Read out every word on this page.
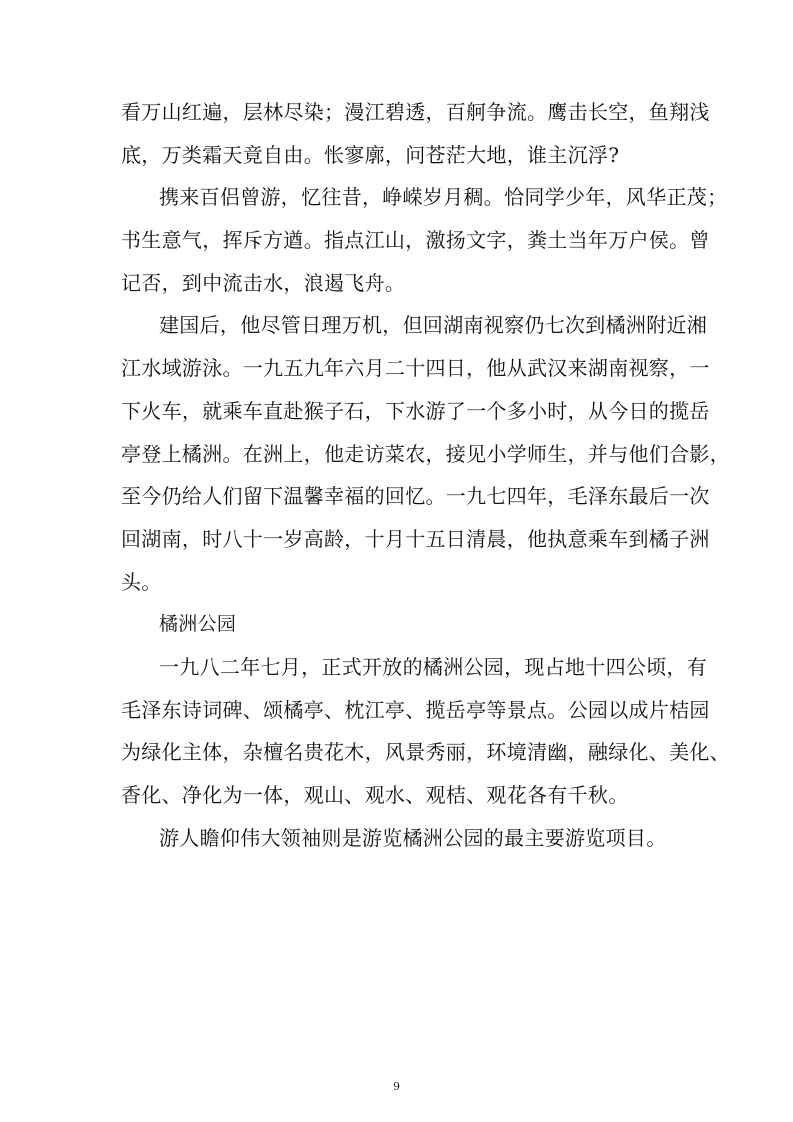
看万山红遍，层林尽染；漫江碧透，百舸争流。鹰击长空，鱼翔浅
底，万类霜天竟自由。怅寥廓，问苍茫大地，谁主沉浮?
携来百侣曾游，忆往昔，峥嵘岁月稠。恰同学少年，风华正茂；
书生意气，挥斥方遒。指点江山，激扬文字，粪土当年万户侯。曾
记否，到中流击水，浪遏飞舟。
建国后，他尽管日理万机，但回湖南视察仍七次到橘洲附近湘
江水域游泳。一九五九年六月二十四日，他从武汉来湖南视察，一
下火车，就乘车直赴猴子石，下水游了一个多小时，从今日的揽岳
亭登上橘洲。在洲上，他走访菜农，接见小学师生，并与他们合影，
至今仍给人们留下温馨幸福的回忆。一九七四年，毛泽东最后一次
回湖南，时八十一岁高龄，十月十五日清晨，他执意乘车到橘子洲
头。
橘洲公园
一九八二年七月，正式开放的橘洲公园，现占地十四公顷，有
毛泽东诗词碑、颂橘亭、枕江亭、揽岳亭等景点。公园以成片桔园
为绿化主体，杂檀名贵花木，风景秀丽，环境清幽，融绿化、美化、
香化、净化为一体，观山、观水、观桔、观花各有千秋。
游人瞻仰伟大领袖则是游览橘洲公园的最主要游览项目。
9
